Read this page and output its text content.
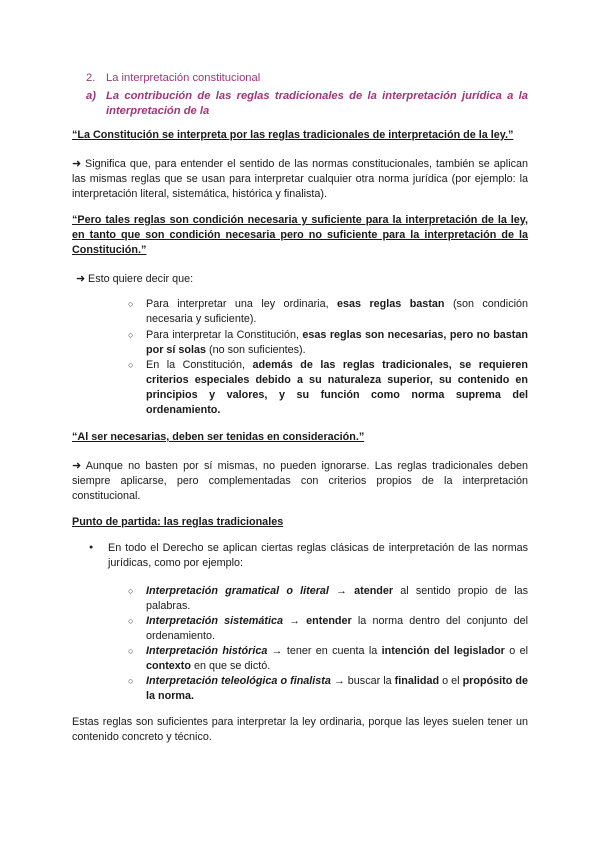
2. La interpretación constitucional
a) La contribución de las reglas tradicionales de la interpretación jurídica a la interpretación de la
“La Constitución se interpreta por las reglas tradicionales de interpretación de la ley.”
➜ Significa que, para entender el sentido de las normas constitucionales, también se aplican las mismas reglas que se usan para interpretar cualquier otra norma jurídica (por ejemplo: la interpretación literal, sistemática, histórica y finalista).
“Pero tales reglas son condición necesaria y suficiente para la interpretación de la ley, en tanto que son condición necesaria pero no suficiente para la interpretación de la Constitución.”
➜ Esto quiere decir que:
○ Para interpretar una ley ordinaria, esas reglas bastan (son condición necesaria y suficiente).
○ Para interpretar la Constitución, esas reglas son necesarias, pero no bastan por sí solas (no son suficientes).
○ En la Constitución, además de las reglas tradicionales, se requieren criterios especiales debido a su naturaleza superior, su contenido en principios y valores, y su función como norma suprema del ordenamiento.
“Al ser necesarias, deben ser tenidas en consideración.”
➜ Aunque no basten por sí mismas, no pueden ignorarse. Las reglas tradicionales deben siempre aplicarse, pero complementadas con criterios propios de la interpretación constitucional.
Punto de partida: las reglas tradicionales
● En todo el Derecho se aplican ciertas reglas clásicas de interpretación de las normas jurídicas, como por ejemplo:
○ Interpretación gramatical o literal → atender al sentido propio de las palabras.
○ Interpretación sistemática → entender la norma dentro del conjunto del ordenamiento.
○ Interpretación histórica → tener en cuenta la intención del legislador o el contexto en que se dictó.
○ Interpretación teleológica o finalista → buscar la finalidad o el propósito de la norma.
Estas reglas son suficientes para interpretar la ley ordinaria, porque las leyes suelen tener un contenido concreto y técnico.
